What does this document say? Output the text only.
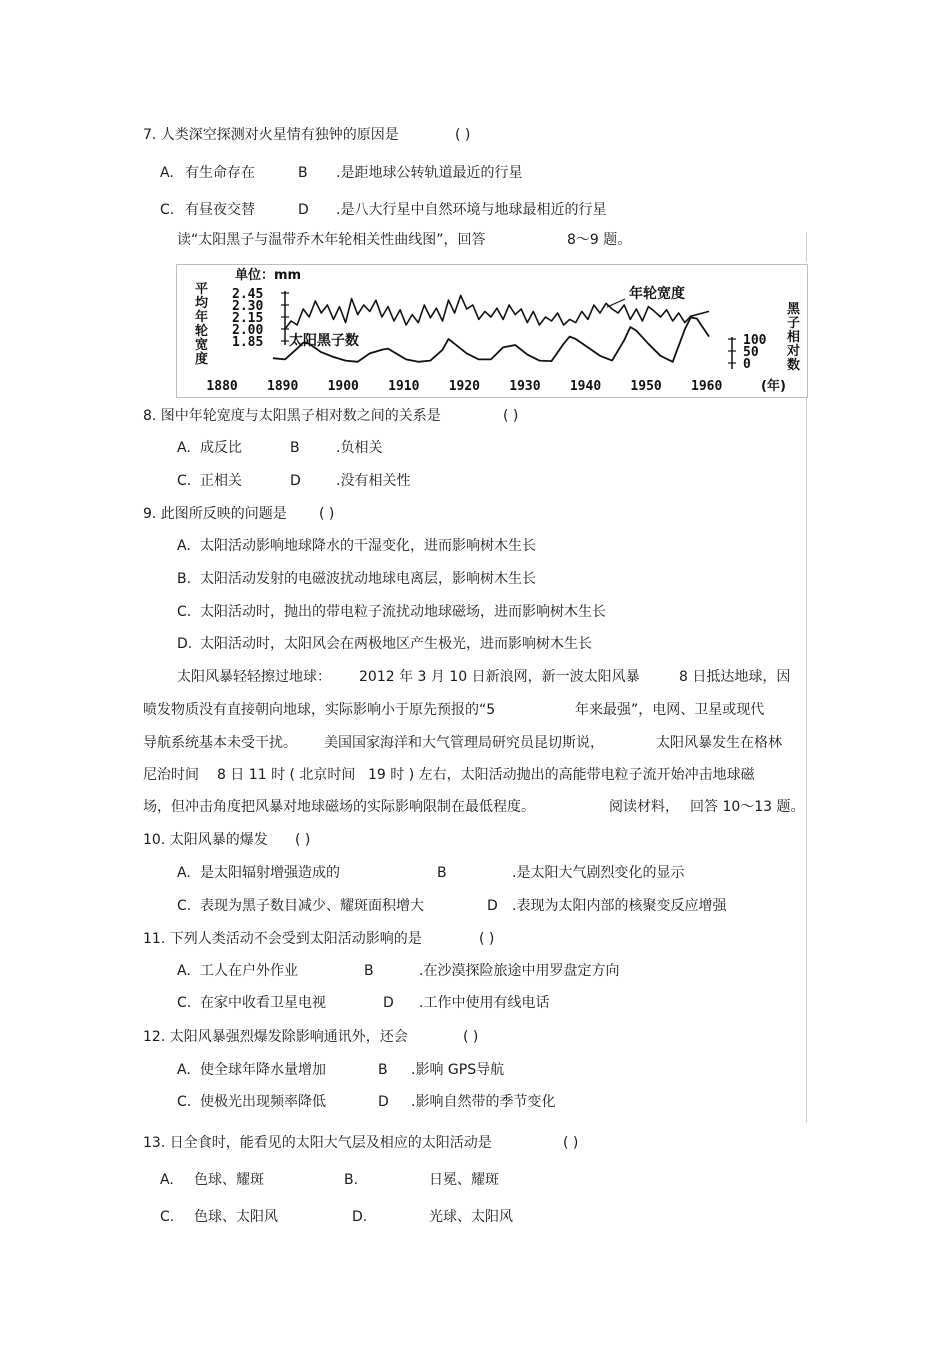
7. 人类深空探测对火星情有独钟的原因是	( )
A. 有生命存在	B .是距地球公转轨道最近的行星
C. 有昼夜交替	D .是八大行星中自然环境与地球最相近的行星
读“太阳黑子与温带乔木年轮相关性曲线图”，回答	8～9 题。
单位：mm
平
均
年
轮
宽
度
2.45
2.30
2.15
2.00
1.85	100
50
0
黑
子
相
对
数
1880 1890 1900 1910 1920 1930 1940 1950 1960	(年)
年轮宽度
太阳黑子数
8. 图中年轮宽度与太阳黑子相对数之间的关系是	( )
A. 成反比	B	.负相关
C. 正相关	D	.没有相关性
9. 此图所反映的问题是 ( )
A. 太阳活动影响地球降水的干湿变化，进而影响树木生长
B. 太阳活动发射的电磁波扰动地球电离层，影响树木生长
C. 太阳活动时，抛出的带电粒子流扰动地球磁场，进而影响树木生长
D. 太阳活动时，太阳风会在两极地区产生极光，进而影响树木生长
太阳风暴轻轻擦过地球： 2012 年 3 月 10 日新浪网，新一波太阳风暴	8 日抵达地球，因
喷发物质没有直接朝向地球，实际影响小于原先预报的“5	年来最强”，电网、卫星或现代
导航系统基本未受干扰。 美国国家海洋和大气管理局研究员昆切斯说，	太阳风暴发生在格林
尼治时间 8 日 11 时 ( 北京时间 19 时 ) 左右，太阳活动抛出的高能带电粒子流开始冲击地球磁
场，但冲击角度把风暴对地球磁场的实际影响限制在最低程度。	阅读材料， 回答 10～13 题。
10. 太阳风暴的爆发 ( )
A. 是太阳辐射增强造成的	B	.是太阳大气剧烈变化的显示
C. 表现为黑子数目减少、耀斑面积增大	D .表现为太阳内部的核聚变反应增强
11. 下列人类活动不会受到太阳活动影响的是	( )
A. 工人在户外作业	B	.在沙漠探险旅途中用罗盘定方向
C. 在家中收看卫星电视	D .工作中使用有线电话
12. 太阳风暴强烈爆发除影响通讯外，还会	( )
A. 使全球年降水量增加	B .影响 GPS导航
C. 使极光出现频率降低	D .影响自然带的季节变化
13. 日全食时，能看见的太阳大气层及相应的太阳活动是	( )
A. 色球、耀斑	B.	日冕、耀斑
C. 色球、太阳风	D.	光球、太阳风
